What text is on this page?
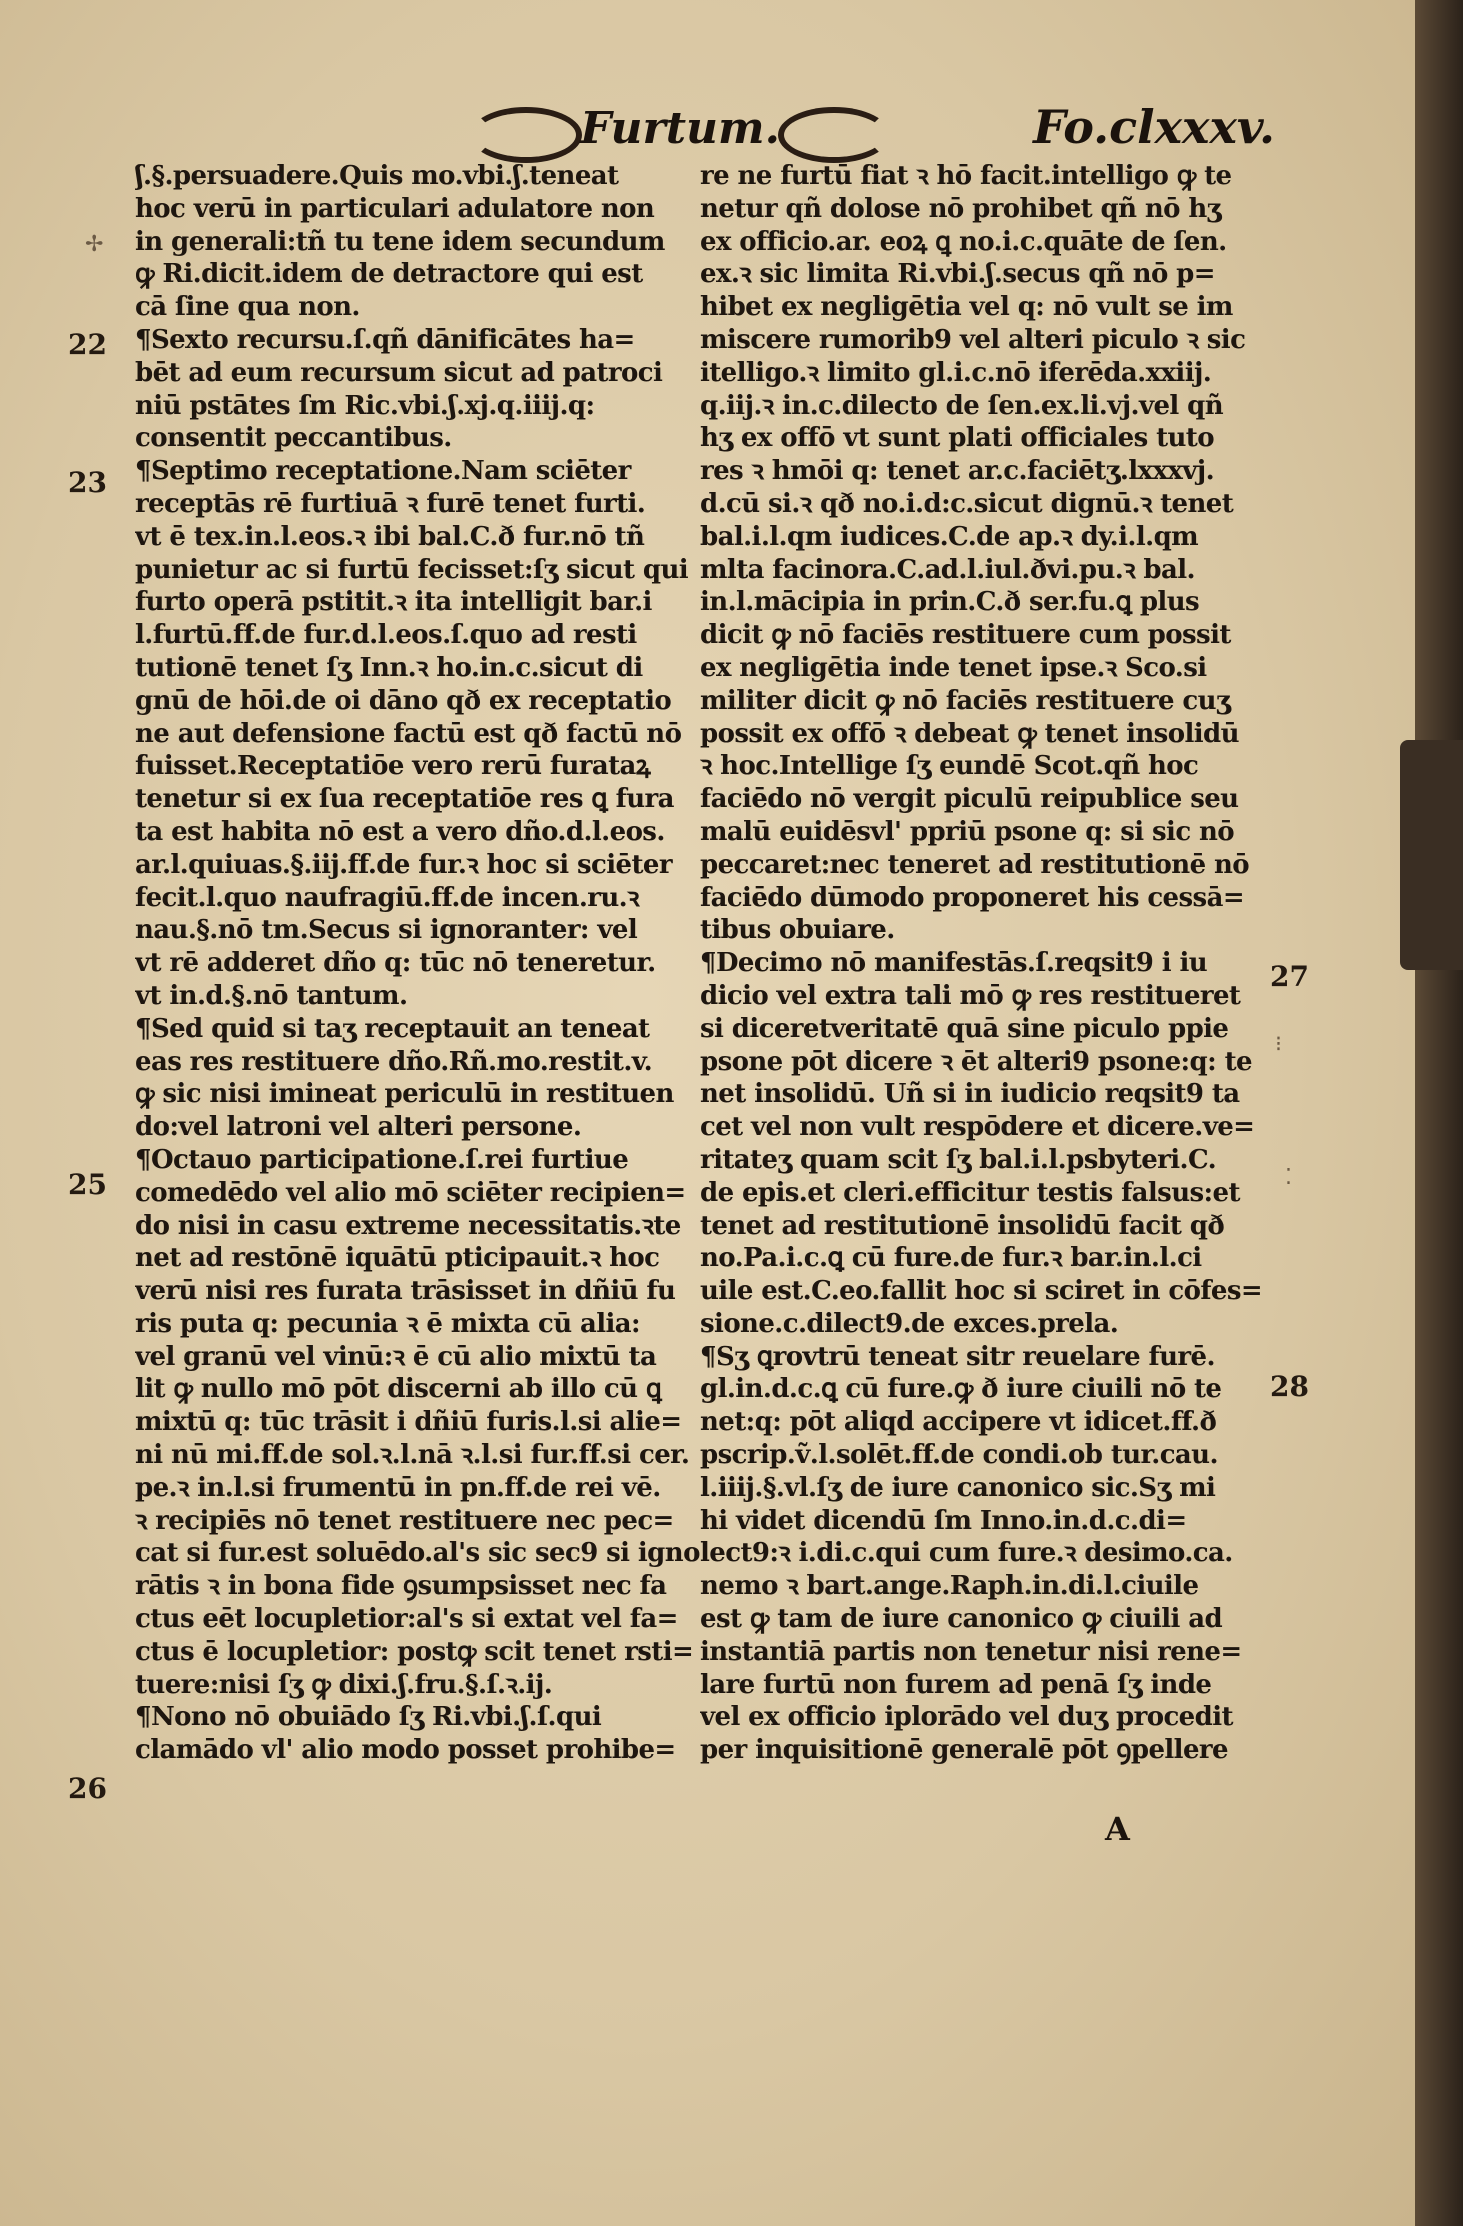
Furtum.	Fo.clxxxv.
ʃ.§.persuadere.Quis mo.vbi.ʃ.teneat
hoc verū in particulari adulatore non
in generali:tñ tu tene idem secundum
ꝙ Ri.dicit.idem de detractore qui est
cā ſine qua non.
¶Sexto recursu.ſ.qñ dānificātes ha=
bēt ad eum recursum sicut ad patroci
niū pstātes ſm Ric.vbi.ʃ.xj.q.iiij.q:
consentit peccantibus.
¶Septimo receptatione.Nam sciēter
receptās rē furtiuā ꝛ furē tenet furti.
vt ē tex.in.l.eos.ꝛ ibi bal.C.ð fur.nō tñ
punietur ac si furtū fecisset:ſʒ sicut qui
furto operā pstitit.ꝛ ita intelligit bar.i
l.furtū.ff.de fur.d.l.eos.ſ.quo ad resti
tutionē tenet ſʒ Inn.ꝛ ho.in.c.sicut di
gnū de hōi.de oi dāno qð ex receptatio
ne aut defensione factū est qð factū nō
fuisset.Receptatiōe vero rerū furataꝝ
tenetur si ex ſua receptatiōe res ꝗ fura
ta est habita nō est a vero dño.d.l.eos.
ar.l.quiuas.§.iij.ff.de fur.ꝛ hoc si sciēter
fecit.l.quo naufragiū.ff.de incen.ru.ꝛ
nau.§.nō tm.Secus si ignoranter: vel
vt rē adderet dño q: tūc nō teneretur.
vt in.d.§.nō tantum.
¶Sed quid si taʒ receptauit an teneat
eas res restituere dño.Rñ.mo.restit.v.
ꝙ sic nisi imineat periculū in restituen
do:vel latroni vel alteri persone.
¶Octauo participatione.ſ.rei furtiue
comedēdo vel alio mō sciēter recipien=
do nisi in casu extreme necessitatis.ꝛte
net ad restōnē iquātū pticipauit.ꝛ hoc
verū nisi res furata trāsisset in dñiū fu
ris puta q: pecunia ꝛ ē mixta cū alia:
vel granū vel vinū:ꝛ ē cū alio mixtū ta
lit ꝙ nullo mō pōt discerni ab illo cū ꝗ
mixtū q: tūc trāsit i dñiū furis.l.si alie=
ni nū mi.ff.de sol.ꝛ.l.nā ꝛ.l.si fur.ff.si cer.
pe.ꝛ in.l.si frumentū in pn.ff.de rei vē.
ꝛ recipiēs nō tenet restituere nec pec=
cat si fur.est soluēdo.al's sic sec9 si igno
rātis ꝛ in bona fide ꝯsumpsisset nec fa
ctus eēt locupletior:al's si extat vel fa=
ctus ē locupletior: postꝙ scit tenet rsti=
tuere:nisi ſʒ ꝙ dixi.ʃ.fru.§.ſ.ꝛ.ij.
¶Nono nō obuiādo ſʒ Ri.vbi.ʃ.ſ.qui
clamādo vl' alio modo posset prohibe=
re ne furtū fiat ꝛ hō facit.intelligo ꝙ te
netur qñ dolose nō prohibet qñ nō hʒ
ex officio.ar. eoꝝ ꝗ no.i.c.quāte de ſen.
ex.ꝛ sic limita Ri.vbi.ʃ.secus qñ nō p=
hibet ex negligētia vel q: nō vult se im
miscere rumorib9 vel alteri piculo ꝛ sic
itelligo.ꝛ limito gl.i.c.nō iferēda.xxiij.
q.iij.ꝛ in.c.dilecto de ſen.ex.li.vj.vel qñ
hʒ ex offō vt sunt plati officiales tuto
res ꝛ hmōi q: tenet ar.c.faciētʒ.lxxxvj.
d.cū si.ꝛ qð no.i.d:c.sicut dignū.ꝛ tenet
bal.i.l.qm iudices.C.de ap.ꝛ dy.i.l.qm
mlta facinora.C.ad.l.iul.ðvi.pu.ꝛ bal.
in.l.mācipia in prin.C.ð ser.fu.ꝗ plus
dicit ꝙ nō faciēs restituere cum possit
ex negligētia inde tenet ipse.ꝛ Sco.si
militer dicit ꝙ nō faciēs restituere cuʒ
possit ex offō ꝛ debeat ꝙ tenet insolidū
ꝛ hoc.Intellige ſʒ eundē Scot.qñ hoc
faciēdo nō vergit piculū reipublice seu
malū euidēsvl' ppriū psone q: si sic nō
peccaret:nec teneret ad restitutionē nō
faciēdo dūmodo proponeret his cessā=
tibus obuiare.
¶Decimo nō manifestās.ſ.reqsit9 i iu
dicio vel extra tali mō ꝙ res restitueret
si diceretveritatē quā sine piculo ppie
psone pōt dicere ꝛ ēt alteri9 psone:q: te
net insolidū. Uñ si in iudicio reqsit9 ta
cet vel non vult respōdere et dicere.ve=
ritateʒ quam scit ſʒ bal.i.l.psbyteri.C.
de epis.et cleri.efficitur testis falsus:et
tenet ad restitutionē insolidū facit qð
no.Pa.i.c.ꝗ cū fure.de fur.ꝛ bar.in.l.ci
uile est.C.eo.fallit hoc si sciret in cōfes=
sione.c.dilect9.de exces.prela.
¶Sʒ ꝗrovtrū teneat sitr reuelare furē.
gl.in.d.c.ꝗ cū fure.ꝙ ð iure ciuili nō te
net:q: pōt aliqd accipere vt idicet.ff.ð
pscrip.ṽ.l.solēt.ff.de condi.ob tur.cau.
l.iiij.§.vl.ſʒ de iure canonico sic.Sʒ mi
hi videt dicendū ſm Inno.in.d.c.di=
lect9:ꝛ i.di.c.qui cum fure.ꝛ desimo.ca.
nemo ꝛ bart.ange.Raph.in.di.l.ciuile
est ꝙ tam de iure canonico ꝙ ciuili ad
instantiā partis non tenetur nisi rene=
lare furtū non furem ad penā ſʒ inde
vel ex officio iplorādo vel duʒ procedit
per inquisitionē generalē pōt ꝯpellere
22
23
25
26
27
28
✢
⁝
⁚
A
